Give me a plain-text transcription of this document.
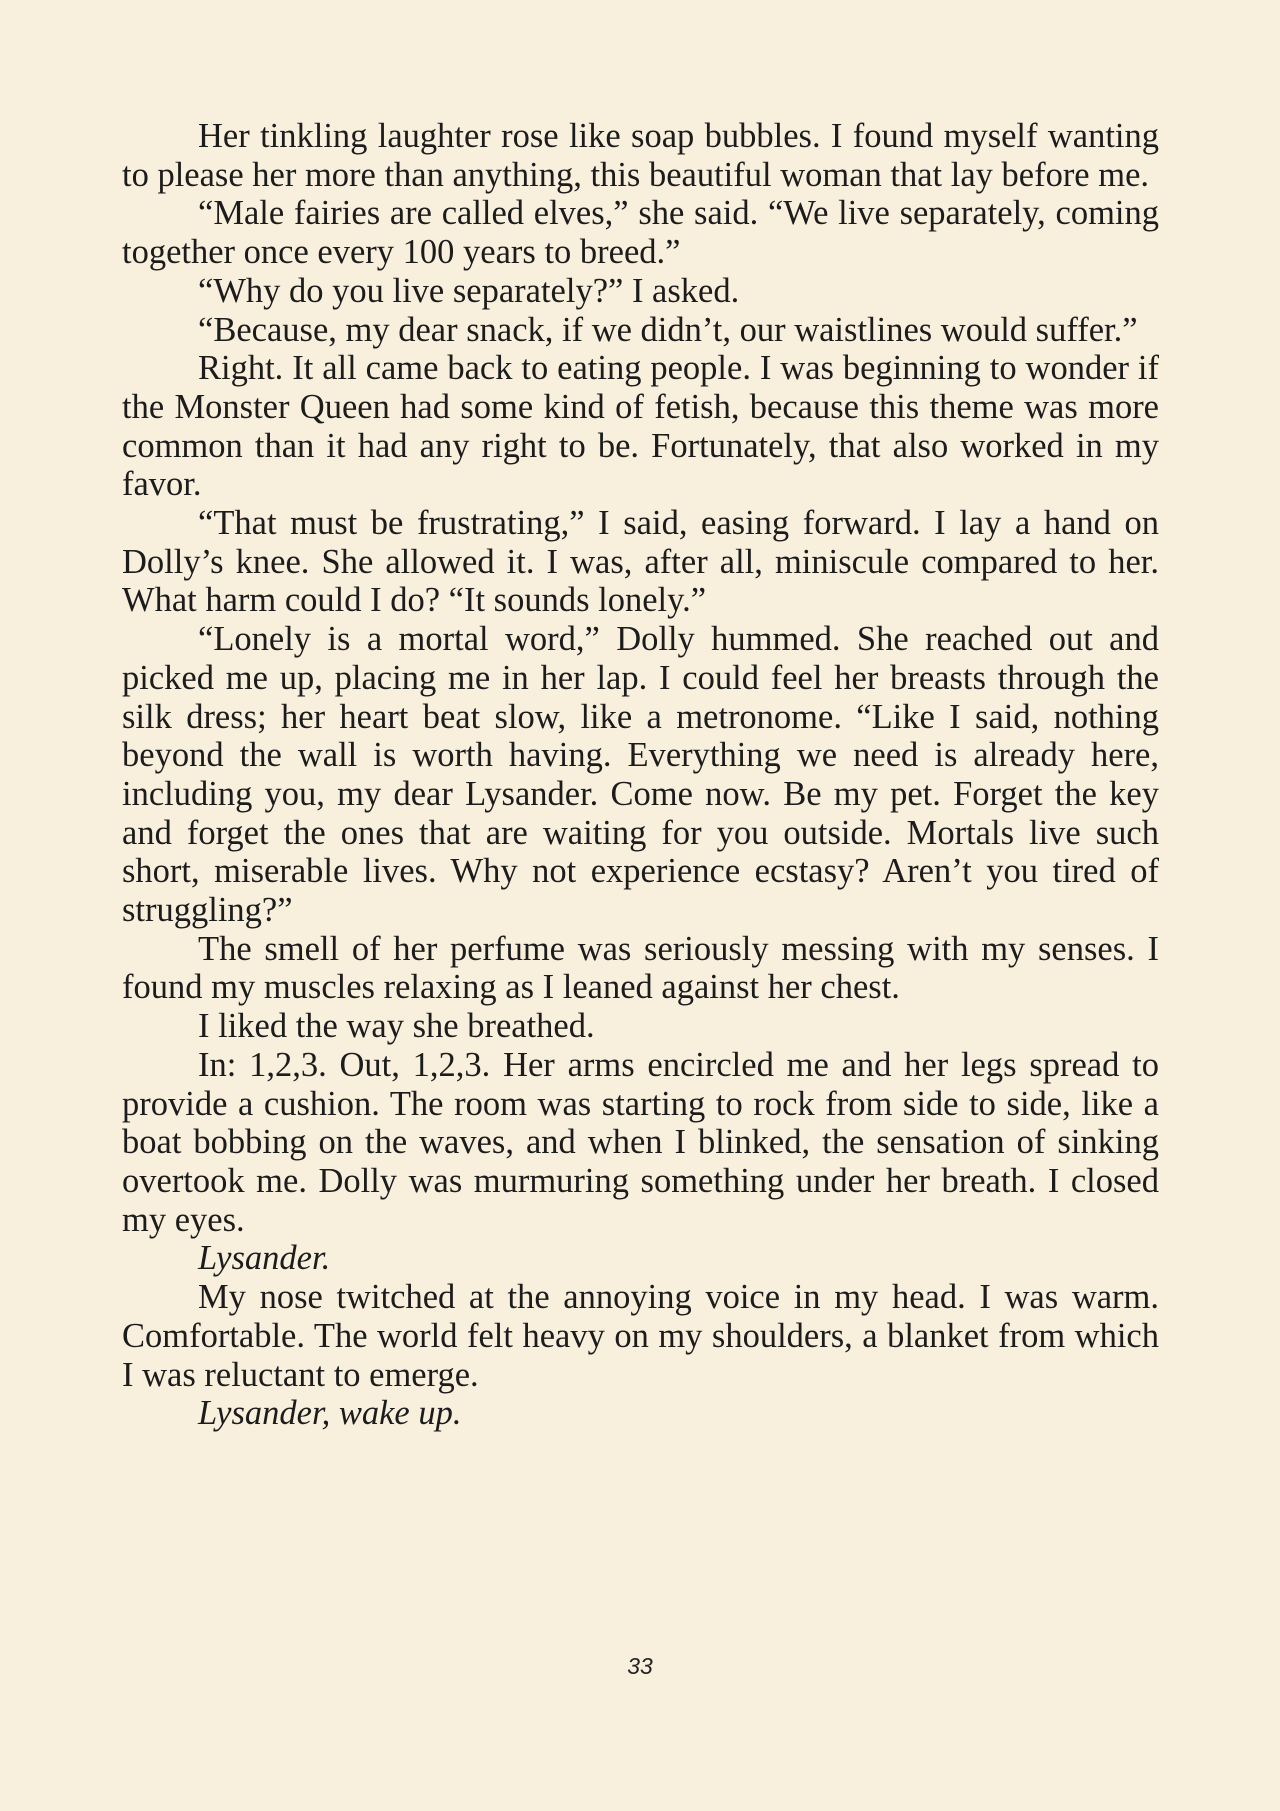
Her tinkling laughter rose like soap bubbles. I found myself wanting to please her more than anything, this beautiful woman that lay before me.

“Male fairies are called elves,” she said. “We live separately, coming together once every 100 years to breed.”

“Why do you live separately?” I asked.

“Because, my dear snack, if we didn’t, our waistlines would suffer.”

Right. It all came back to eating people. I was beginning to wonder if the Monster Queen had some kind of fetish, because this theme was more common than it had any right to be. Fortunately, that also worked in my favor.

“That must be frustrating,” I said, easing forward. I lay a hand on Dolly’s knee. She allowed it. I was, after all, miniscule compared to her. What harm could I do? “It sounds lonely.”

“Lonely is a mortal word,” Dolly hummed. She reached out and picked me up, placing me in her lap. I could feel her breasts through the silk dress; her heart beat slow, like a metronome. “Like I said, nothing beyond the wall is worth having. Everything we need is already here, including you, my dear Lysander. Come now. Be my pet. Forget the key and forget the ones that are waiting for you outside. Mortals live such short, miserable lives. Why not experience ecstasy? Aren’t you tired of struggling?”

The smell of her perfume was seriously messing with my senses. I found my muscles relaxing as I leaned against her chest.

I liked the way she breathed.

In: 1,2,3. Out, 1,2,3. Her arms encircled me and her legs spread to provide a cushion. The room was starting to rock from side to side, like a boat bobbing on the waves, and when I blinked, the sensation of sinking overtook me. Dolly was murmuring something under her breath. I closed my eyes.

Lysander.

My nose twitched at the annoying voice in my head. I was warm. Comfortable. The world felt heavy on my shoulders, a blanket from which I was reluctant to emerge.

Lysander, wake up.

33
